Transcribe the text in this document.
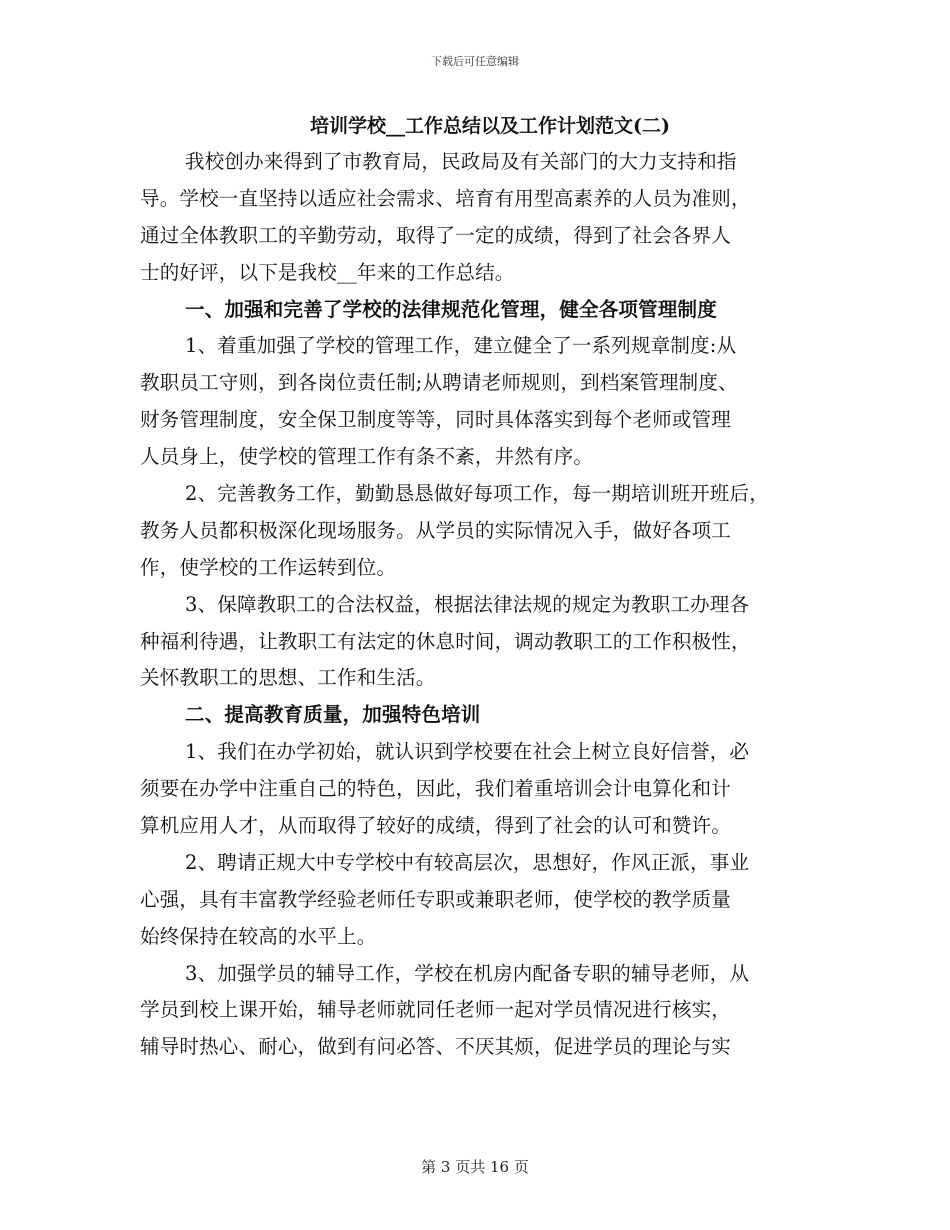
下载后可任意编辑
培训学校__工作总结以及工作计划范文(二)
我校创办来得到了市教育局，民政局及有关部门的大力支持和指
导。学校一直坚持以适应社会需求、培育有用型高素养的人员为准则，
通过全体教职工的辛勤劳动，取得了一定的成绩，得到了社会各界人
士的好评，以下是我校__年来的工作总结。
一、加强和完善了学校的法律规范化管理，健全各项管理制度
1、着重加强了学校的管理工作，建立健全了一系列规章制度:从
教职员工守则，到各岗位责任制;从聘请老师规则，到档案管理制度、
财务管理制度，安全保卫制度等等，同时具体落实到每个老师或管理
人员身上，使学校的管理工作有条不紊，井然有序。
2、完善教务工作，勤勤恳恳做好每项工作，每一期培训班开班后，
教务人员都积极深化现场服务。从学员的实际情况入手，做好各项工
作，使学校的工作运转到位。
3、保障教职工的合法权益，根据法律法规的规定为教职工办理各
种福利待遇，让教职工有法定的休息时间，调动教职工的工作积极性，
关怀教职工的思想、工作和生活。
二、提高教育质量，加强特色培训
1、我们在办学初始，就认识到学校要在社会上树立良好信誉，必
须要在办学中注重自己的特色，因此，我们着重培训会计电算化和计
算机应用人才，从而取得了较好的成绩，得到了社会的认可和赞许。
2、聘请正规大中专学校中有较高层次，思想好，作风正派，事业
心强，具有丰富教学经验老师任专职或兼职老师，使学校的教学质量
始终保持在较高的水平上。
3、加强学员的辅导工作，学校在机房内配备专职的辅导老师，从
学员到校上课开始，辅导老师就同任老师一起对学员情况进行核实，
辅导时热心、耐心，做到有问必答、不厌其烦，促进学员的理论与实
第 3 页共 16 页
